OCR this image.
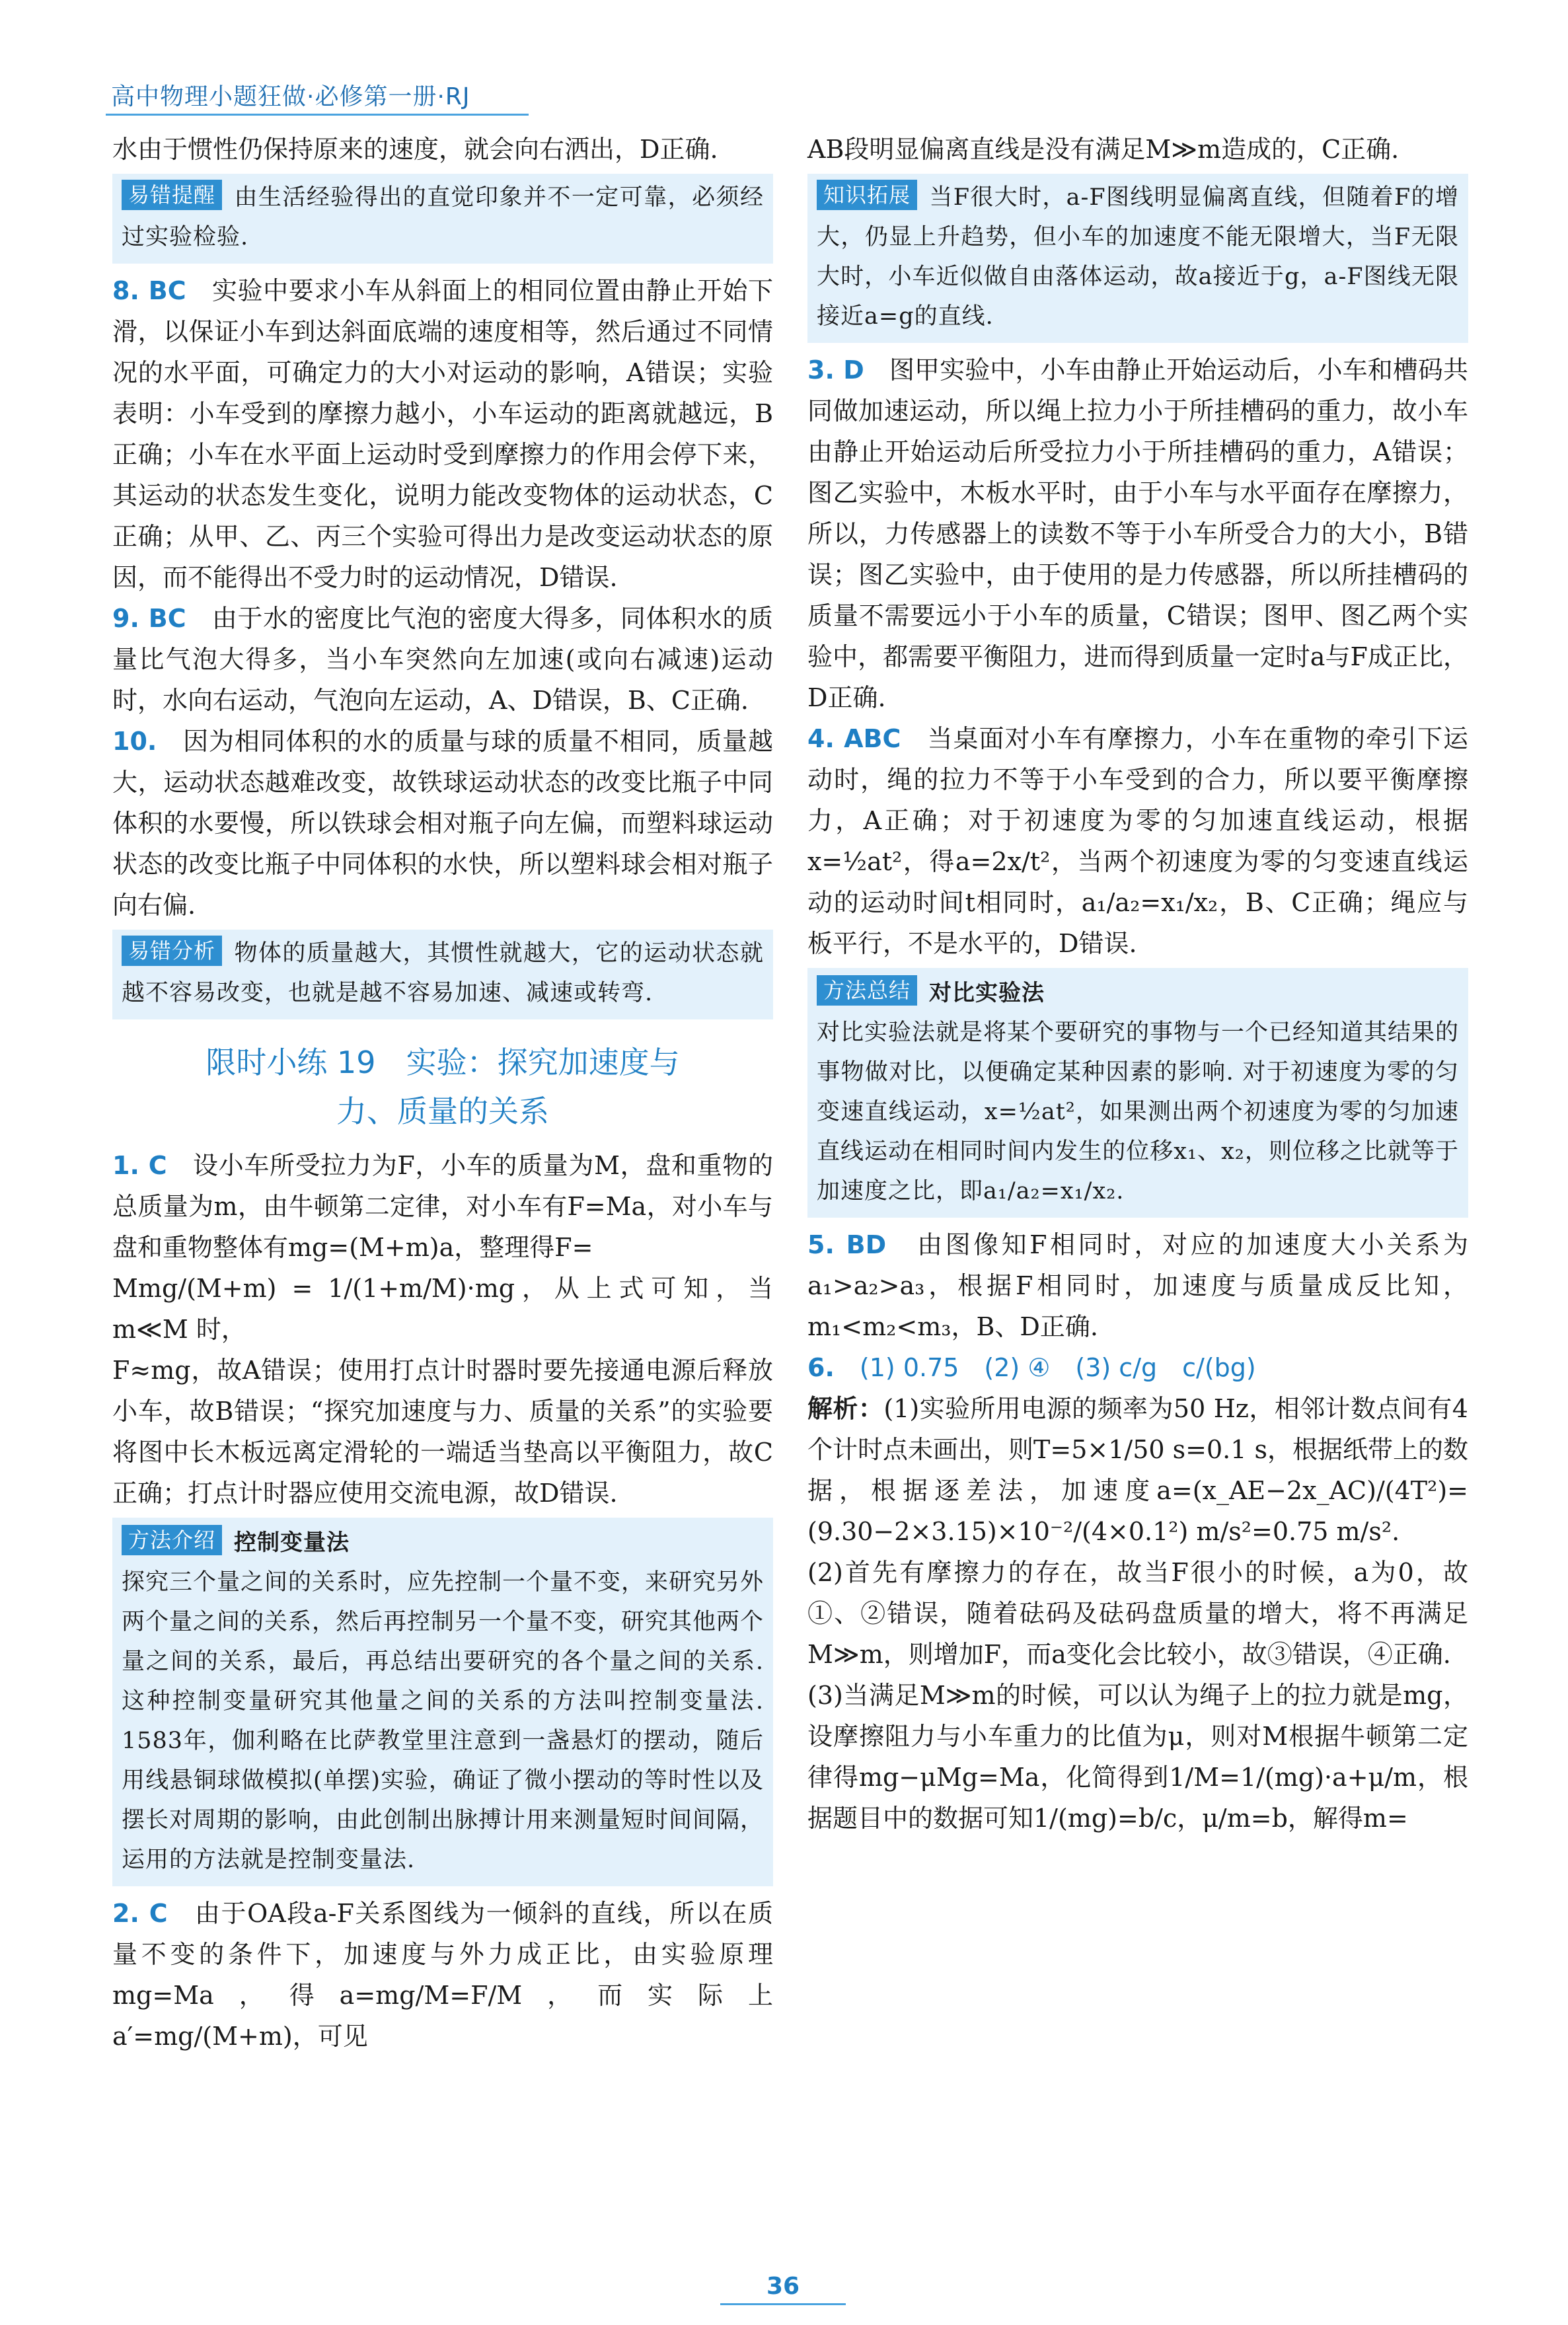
高中物理小题狂做·必修第一册·RJ

水由于惯性仍保持原来的速度，就会向右洒出，D正确.

易错提醒 由生活经验得出的直觉印象并不一定可靠，必须经过实验检验.

8. BC　 实验中要求小车从斜面上的相同位置由静止开始下滑，以保证小车到达斜面底端的速度相等，然后通过不同情况的水平面，可确定力的大小对运动的影响，A错误；实验表明：小车受到的摩擦力越小，小车运动的距离就越远，B正确；小车在水平面上运动时受到摩擦力的作用会停下来，其运动的状态发生变化，说明力能改变物体的运动状态，C正确；从甲、乙、丙三个实验可得出力是改变运动状态的原因，而不能得出不受力时的运动情况，D错误.

9. BC　 由于水的密度比气泡的密度大得多，同体积水的质量比气泡大得多，当小车突然向左加速(或向右减速)运动时，水向右运动，气泡向左运动，A、D错误，B、C正确.

10.　 因为相同体积的水的质量与球的质量不相同，质量越大，运动状态越难改变，故铁球运动状态的改变比瓶子中同体积的水要慢，所以铁球会相对瓶子向左偏，而塑料球运动状态的改变比瓶子中同体积的水快，所以塑料球会相对瓶子向右偏.

易错分析 物体的质量越大，其惯性就越大，它的运动状态就越不容易改变，也就是越不容易加速、减速或转弯.

限时小练 19　实验：探究加速度与
力、质量的关系

1. C　 设小车所受拉力为F，小车的质量为M，盘和重物的总质量为m，由牛顿第二定律，对小车有F=Ma，对小车与盘和重物整体有mg=(M+m)a，整理得F=

Mmg/(M+m) = 1/(1+m/M)·mg，从上式可知，当 m≪M 时，

F≈mg，故A错误；使用打点计时器时要先接通电源后释放小车，故B错误；“探究加速度与力、质量的关系”的实验要将图中长木板远离定滑轮的一端适当垫高以平衡阻力，故C正确；打点计时器应使用交流电源，故D错误.

方法介绍 控制变量法

探究三个量之间的关系时，应先控制一个量不变，来研究另外两个量之间的关系，然后再控制另一个量不变，研究其他两个量之间的关系，最后，再总结出要研究的各个量之间的关系. 这种控制变量研究其他量之间的关系的方法叫控制变量法. 1583年，伽利略在比萨教堂里注意到一盏悬灯的摆动，随后用线悬铜球做模拟(单摆)实验，确证了微小摆动的等时性以及摆长对周期的影响，由此创制出脉搏计用来测量短时间间隔，运用的方法就是控制变量法.

2. C　 由于OA段a-F关系图线为一倾斜的直线，所以在质量不变的条件下，加速度与外力成正比，由实验原理mg=Ma，得a=mg/M=F/M，而实际上a′=mg/(M+m)，可见

AB段明显偏离直线是没有满足M≫m造成的，C正确.

知识拓展 当F很大时，a-F图线明显偏离直线，但随着F的增大，仍显上升趋势，但小车的加速度不能无限增大，当F无限大时，小车近似做自由落体运动，故a接近于g，a-F图线无限接近a=g的直线.

3. D　 图甲实验中，小车由静止开始运动后，小车和槽码共同做加速运动，所以绳上拉力小于所挂槽码的重力，故小车由静止开始运动后所受拉力小于所挂槽码的重力，A错误；图乙实验中，木板水平时，由于小车与水平面存在摩擦力，所以，力传感器上的读数不等于小车所受合力的大小，B错误；图乙实验中，由于使用的是力传感器，所以所挂槽码的质量不需要远小于小车的质量，C错误；图甲、图乙两个实验中，都需要平衡阻力，进而得到质量一定时a与F成正比，D正确.

4. ABC　 当桌面对小车有摩擦力，小车在重物的牵引下运动时，绳的拉力不等于小车受到的合力，所以要平衡摩擦力，A正确；对于初速度为零的匀加速直线运动，根据x=½at²，得a=2x/t²，当两个初速度为零的匀变速直线运动的运动时间t相同时，a₁/a₂=x₁/x₂，B、C正确；绳应与板平行，不是水平的，D错误.

方法总结 对比实验法

对比实验法就是将某个要研究的事物与一个已经知道其结果的事物做对比，以便确定某种因素的影响. 对于初速度为零的匀变速直线运动，x=½at²，如果测出两个初速度为零的匀加速直线运动在相同时间内发生的位移x₁、x₂，则位移之比就等于加速度之比，即a₁/a₂=x₁/x₂.

5. BD　 由图像知F相同时，对应的加速度大小关系为a₁>a₂>a₃，根据F相同时，加速度与质量成反比知，m₁<m₂<m₃，B、D正确.

6.　 (1) 0.75　(2) ④　(3) c/g　c/(bg)

解析：(1)实验所用电源的频率为50 Hz，相邻计数点间有4个计时点未画出，则T=5×1/50 s=0.1 s，根据纸带上的数据，根据逐差法，加速度a=(x_AE−2x_AC)/(4T²)=(9.30−2×3.15)×10⁻²/(4×0.1²) m/s²=0.75 m/s².

(2)首先有摩擦力的存在，故当F很小的时候，a为0，故①、②错误，随着砝码及砝码盘质量的增大，将不再满足M≫m，则增加F，而a变化会比较小，故③错误，④正确.

(3)当满足M≫m的时候，可以认为绳子上的拉力就是mg，设摩擦阻力与小车重力的比值为μ，则对M根据牛顿第二定律得mg−μMg=Ma，化简得到1/M=1/(mg)·a+μ/m，根据题目中的数据可知1/(mg)=b/c，μ/m=b，解得m=

36
